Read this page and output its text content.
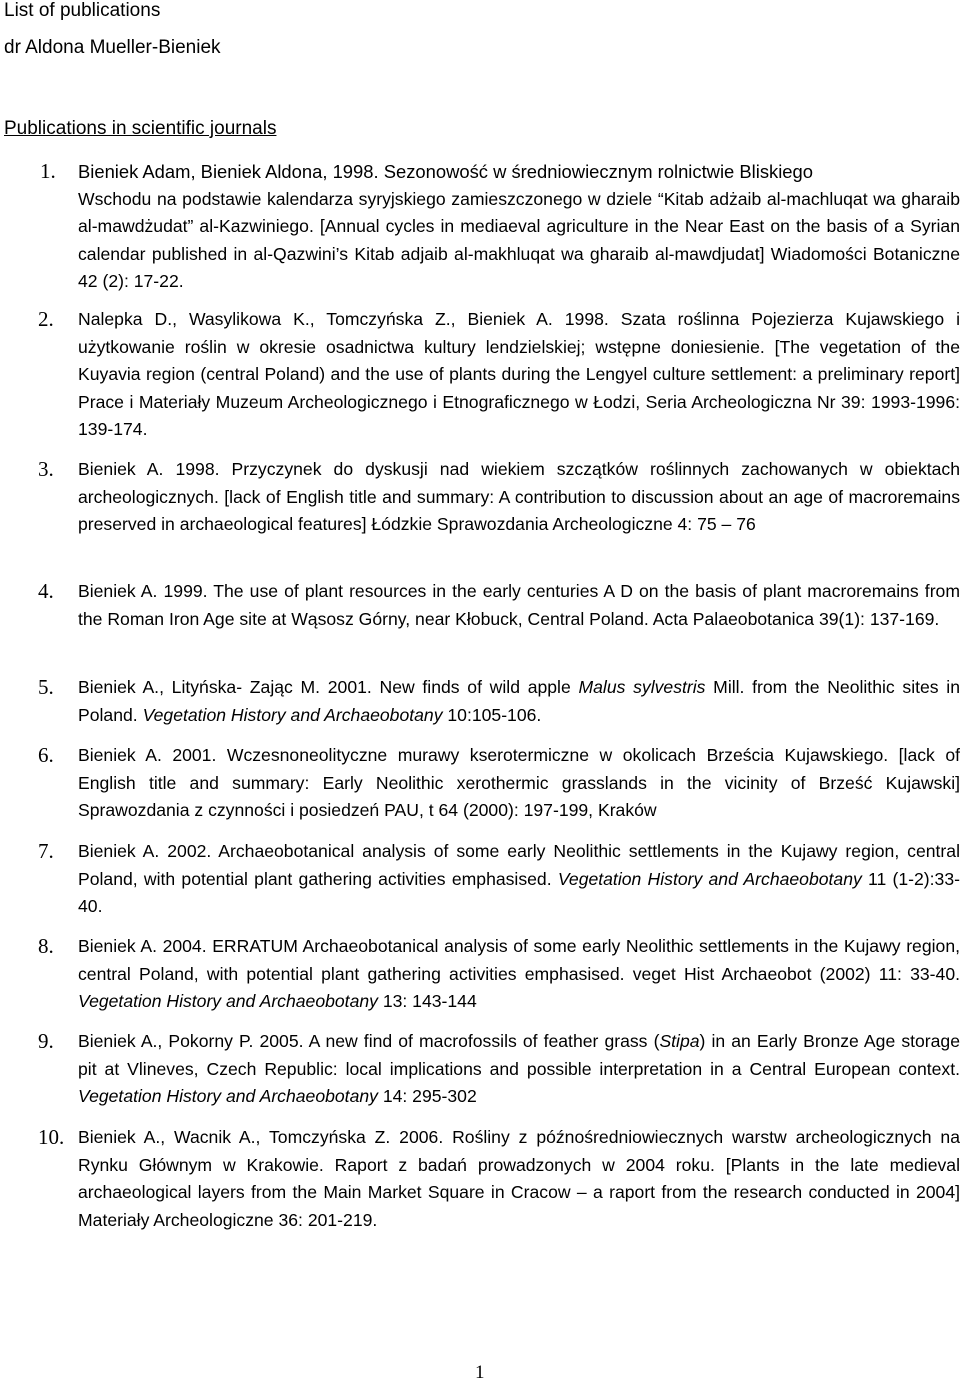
List of publications
dr Aldona Mueller-Bieniek
Publications in scientific journals
1. Bieniek Adam, Bieniek Aldona, 1998. Sezonowość w średniowiecznym rolnictwie Bliskiego
Wschodu na podstawie kalendarza syryjskiego zamieszczonego w dziele “Kitab adżaib al-machluqat wa gharaib al-mawdżudat” al-Kazwiniego. [Annual cycles in mediaeval agriculture in the Near East on the basis of a Syrian calendar published in al-Qazwini’s Kitab adjaib al-makhluqat wa gharaib al-mawdjudat] Wiadomości Botaniczne 42 (2): 17-22.
2. Nalepka D., Wasylikowa K., Tomczyńska Z., Bieniek A. 1998. Szata roślinna Pojezierza Kujawskiego i użytkowanie roślin w okresie osadnictwa kultury lendzielskiej; wstępne doniesienie. [The vegetation of the Kuyavia region (central Poland) and the use of plants during the Lengyel culture settlement: a preliminary report] Prace i Materiały Muzeum Archeologicznego i Etnograficznego w Łodzi, Seria Archeologiczna Nr 39: 1993-1996: 139-174.
3. Bieniek A. 1998. Przyczynek do dyskusji nad wiekiem szczątków roślinnych zachowanych w obiektach archeologicznych. [lack of English title and summary: A contribution to discussion about an age of macroremains preserved in archaeological features] Łódzkie Sprawozdania Archeologiczne 4: 75 – 76
4. Bieniek A. 1999. The use of plant resources in the early centuries A D on the basis of plant macroremains from the Roman Iron Age site at Wąsosz Górny, near Kłobuck, Central Poland. Acta Palaeobotanica 39(1): 137-169.
5. Bieniek A., Lityńska- Zając M. 2001. New finds of wild apple Malus sylvestris Mill. from the Neolithic sites in Poland. Vegetation History and Archaeobotany 10:105-106.
6. Bieniek A. 2001. Wczesnoneolityczne murawy kserotermiczne w okolicach Brześcia Kujawskiego. [lack of English title and summary: Early Neolithic xerothermic grasslands in the vicinity of Brześć Kujawski] Sprawozdania z czynności i posiedzeń PAU, t 64 (2000): 197-199, Kraków
7. Bieniek A. 2002. Archaeobotanical analysis of some early Neolithic settlements in the Kujawy region, central Poland, with potential plant gathering activities emphasised. Vegetation History and Archaeobotany 11 (1-2):33-40.
8. Bieniek A. 2004. ERRATUM Archaeobotanical analysis of some early Neolithic settlements in the Kujawy region, central Poland, with potential plant gathering activities emphasised. veget Hist Archaeobot (2002) 11: 33-40. Vegetation History and Archaeobotany 13: 143-144
9. Bieniek A., Pokorny P. 2005. A new find of macrofossils of feather grass (Stipa) in an Early Bronze Age storage pit at Vlineves, Czech Republic: local implications and possible interpretation in a Central European context. Vegetation History and Archaeobotany 14: 295-302
10. Bieniek A., Wacnik A., Tomczyńska Z. 2006. Rośliny z późnośredniowiecznych warstw archeologicznych na Rynku Głównym w Krakowie. Raport z badań prowadzonych w 2004 roku. [Plants in the late medieval archaeological layers from the Main Market Square in Cracow – a raport from the research conducted in 2004] Materiały Archeologiczne 36: 201-219.
1
